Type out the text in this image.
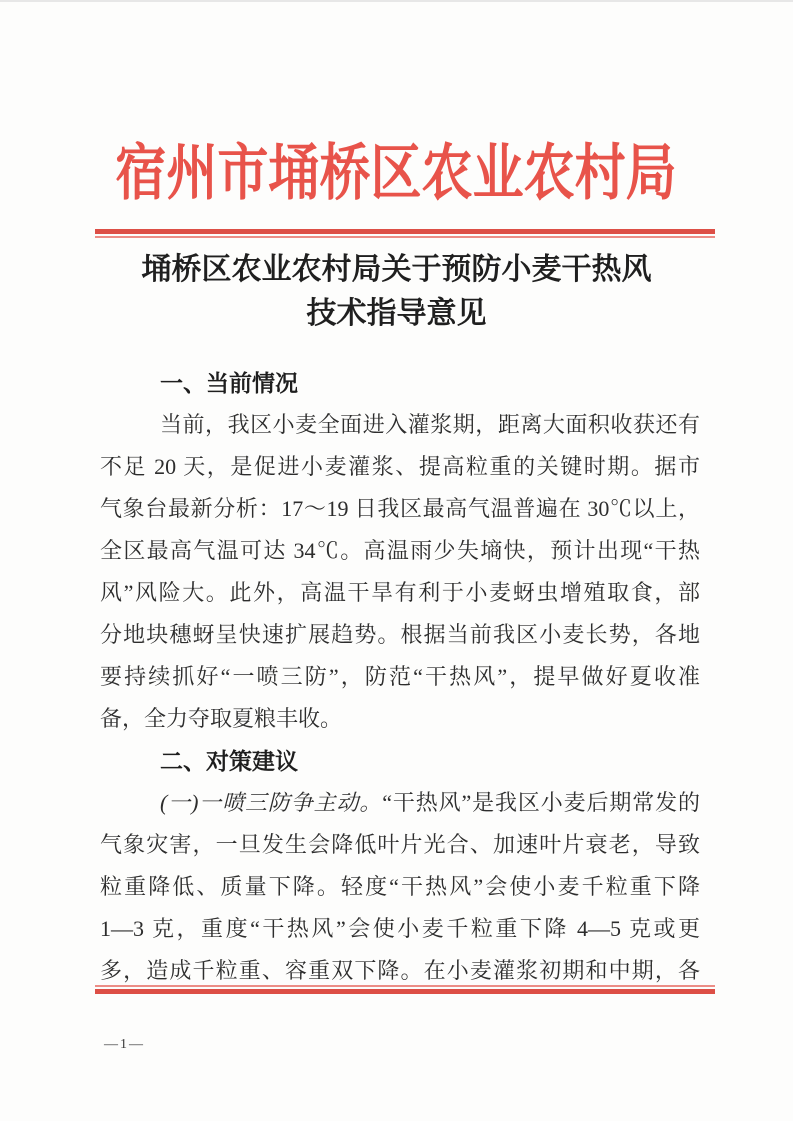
宿州市埇桥区农业农村局
埇桥区农业农村局关于预防小麦干热风
技术指导意见
一、当前情况
当前，我区小麦全面进入灌浆期，距离大面积收获还有
不足 20 天，是促进小麦灌浆、提高粒重的关键时期。据市
气象台最新分析：17～19 日我区最高气温普遍在 30℃以上，
全区最高气温可达 34℃。高温雨少失墒快，预计出现“干热
风”风险大。此外，高温干旱有利于小麦蚜虫增殖取食，部
分地块穗蚜呈快速扩展趋势。根据当前我区小麦长势，各地
要持续抓好“一喷三防”，防范“干热风”，提早做好夏收准
备，全力夺取夏粮丰收。
二、对策建议
(一)一喷三防争主动。“干热风”是我区小麦后期常发的
气象灾害，一旦发生会降低叶片光合、加速叶片衰老，导致
粒重降低、质量下降。轻度“干热风”会使小麦千粒重下降
1—3 克，重度“干热风”会使小麦千粒重下降 4—5 克或更
多，造成千粒重、容重双下降。在小麦灌浆初期和中期，各
—1—
